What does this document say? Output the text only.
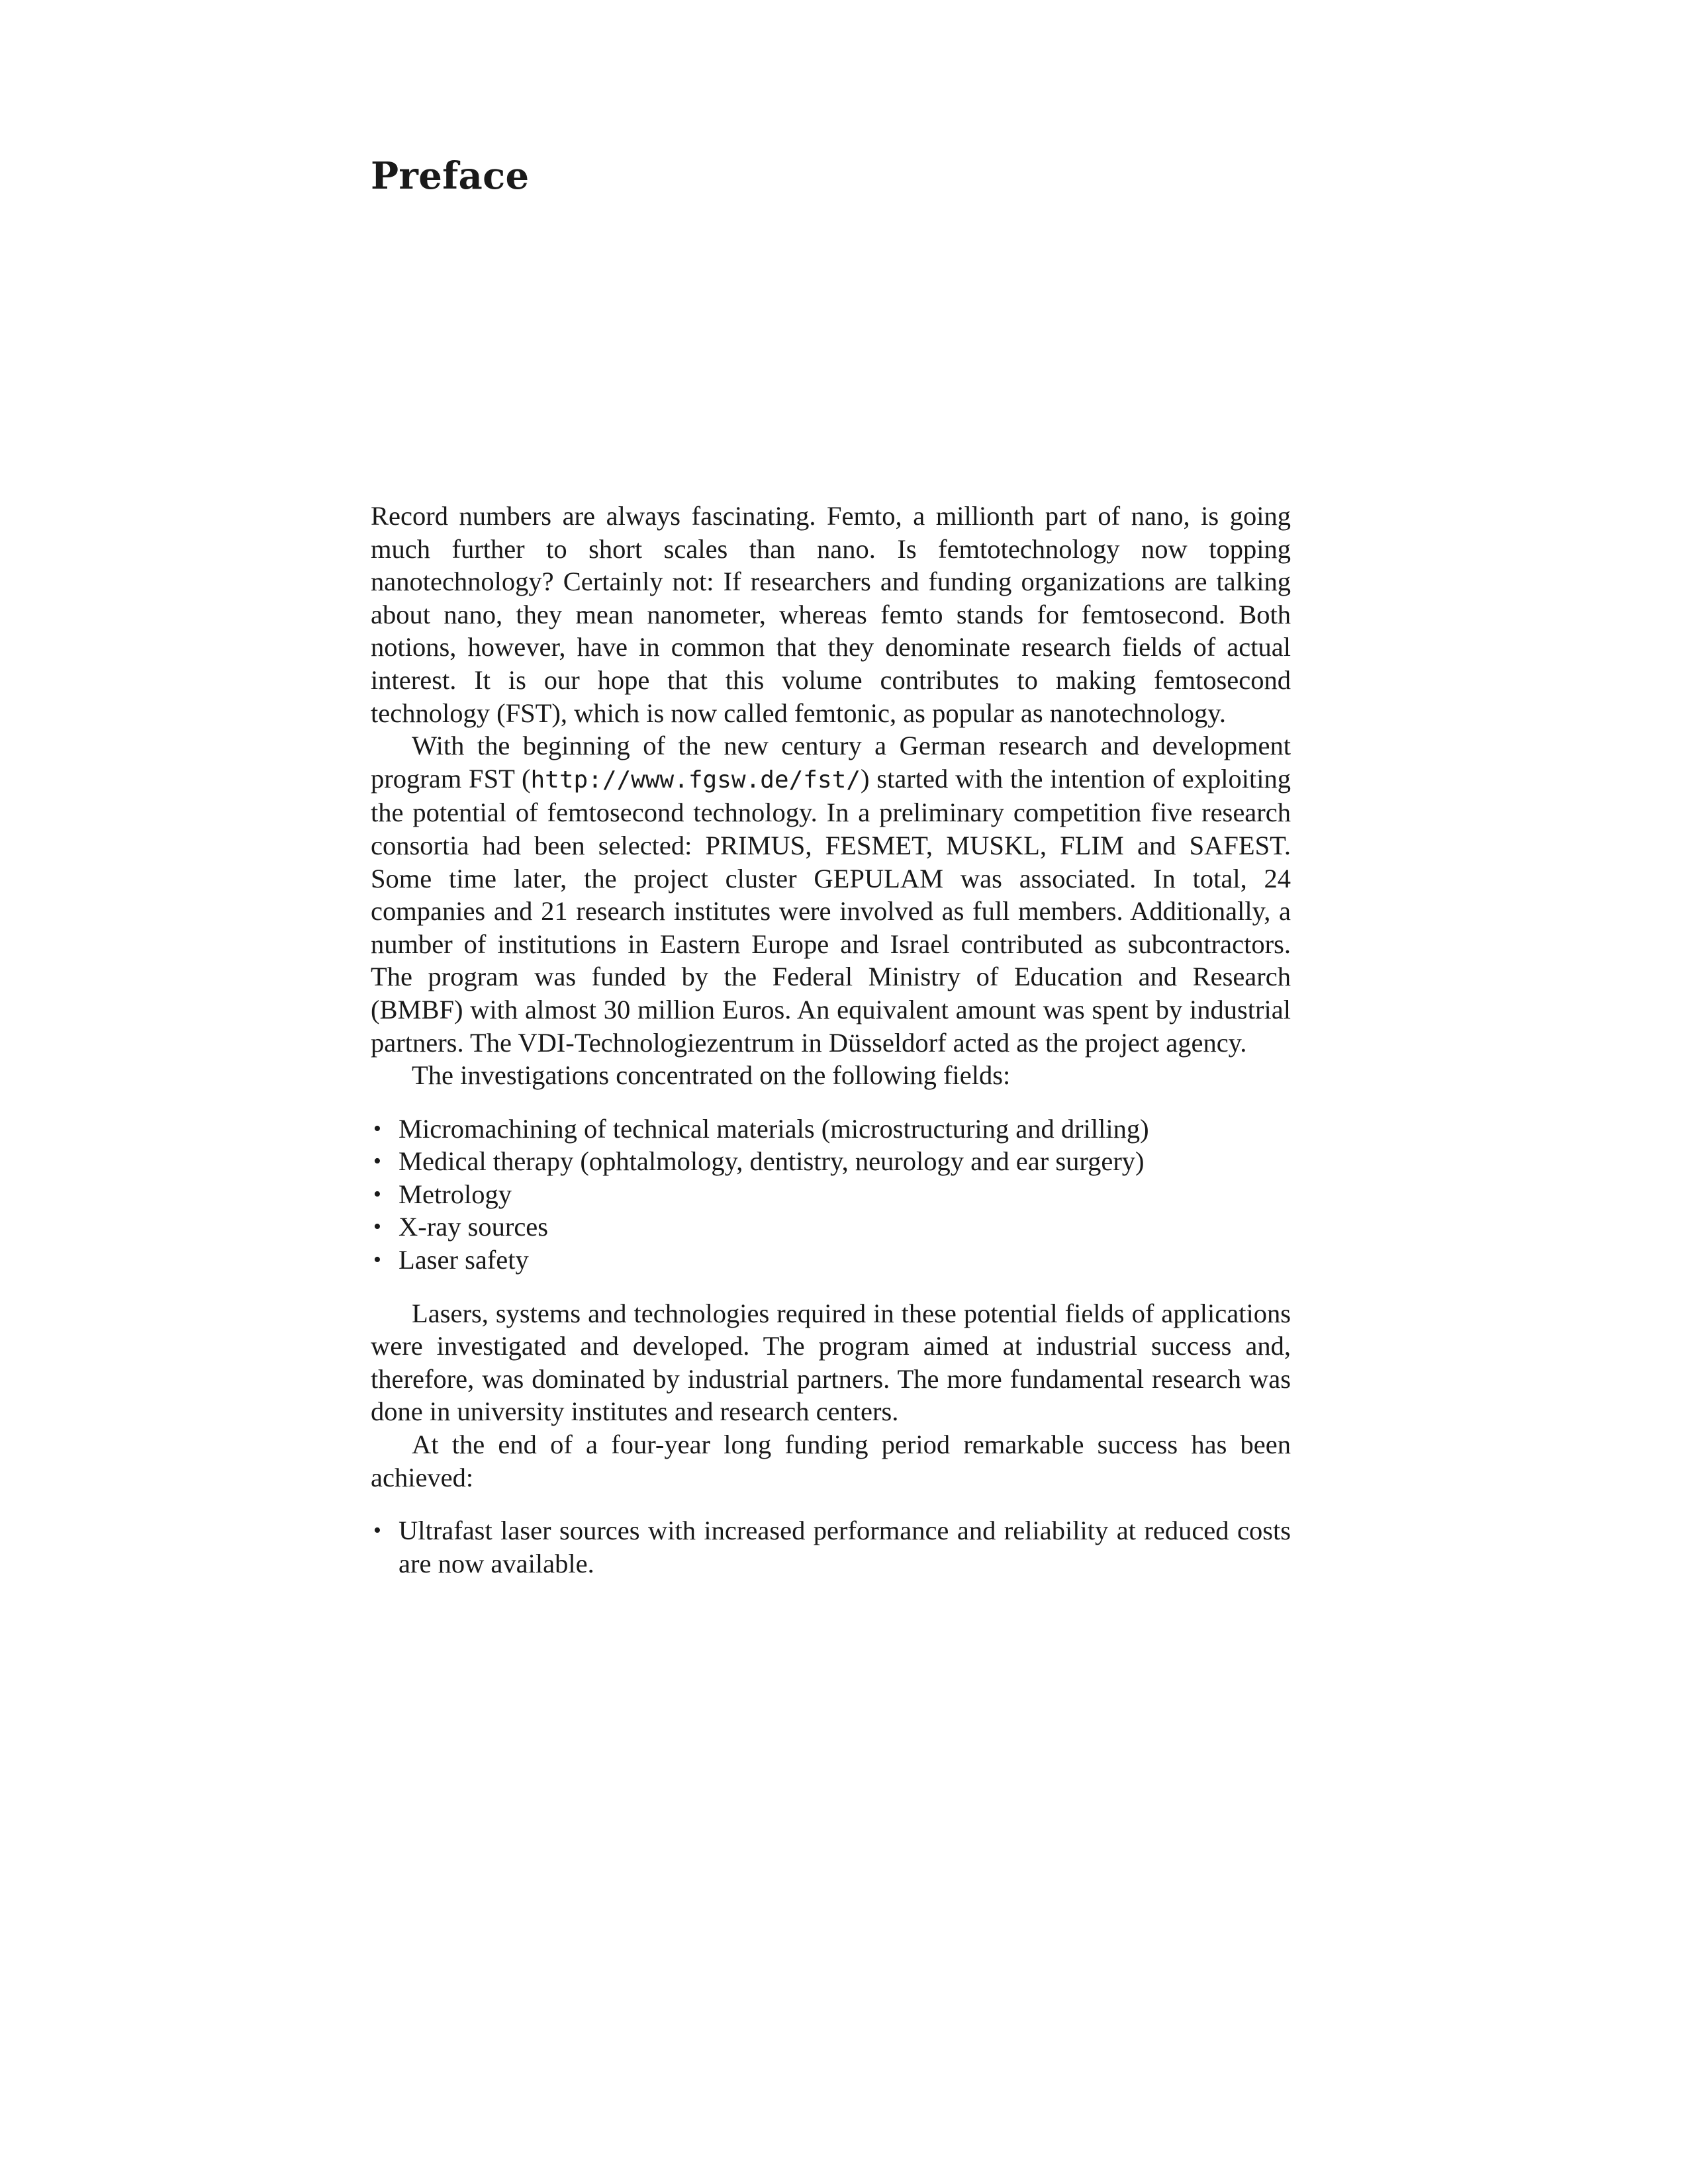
Preface

Record numbers are always fascinating. Femto, a millionth part of nano, is going much further to short scales than nano. Is femtotechnology now topping nanotechnology? Certainly not: If researchers and funding organizations are talking about nano, they mean nanometer, whereas femto stands for femtosecond. Both notions, however, have in common that they denominate research fields of actual interest. It is our hope that this volume contributes to making femtosecond technology (FST), which is now called femtonic, as popular as nanotechnology.

With the beginning of the new century a German research and development program FST (http://www.fgsw.de/fst/) started with the intention of exploiting the potential of femtosecond technology. In a preliminary competition five research consortia had been selected: PRIMUS, FESMET, MUSKL, FLIM and SAFEST. Some time later, the project cluster GEPULAM was associated. In total, 24 companies and 21 research institutes were involved as full members. Additionally, a number of institutions in Eastern Europe and Israel contributed as subcontractors. The program was funded by the Federal Ministry of Education and Research (BMBF) with almost 30 million Euros. An equivalent amount was spent by industrial partners. The VDI-Technologiezentrum in Düsseldorf acted as the project agency.

The investigations concentrated on the following fields:

• Micromachining of technical materials (microstructuring and drilling)
• Medical therapy (ophtalmology, dentistry, neurology and ear surgery)
• Metrology
• X-ray sources
• Laser safety

Lasers, systems and technologies required in these potential fields of applications were investigated and developed. The program aimed at industrial success and, therefore, was dominated by industrial partners. The more fundamental research was done in university institutes and research centers.

At the end of a four-year long funding period remarkable success has been achieved:

• Ultrafast laser sources with increased performance and reliability at reduced costs are now available.
